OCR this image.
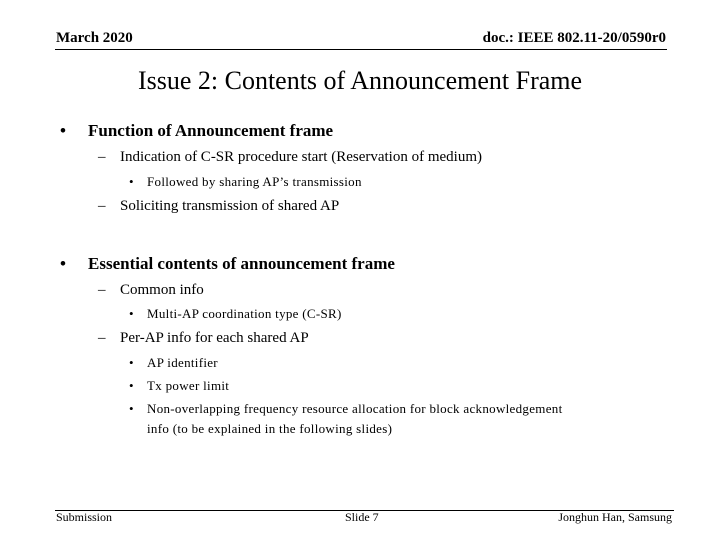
March 2020	doc.: IEEE 802.11-20/0590r0
Issue 2: Contents of Announcement Frame
• Function of Announcement frame
– Indication of C-SR procedure start (Reservation of medium)
• Followed by sharing AP’s transmission
– Soliciting transmission of shared AP
• Essential contents of announcement frame
– Common info
• Multi-AP coordination type (C-SR)
– Per-AP info for each shared AP
• AP identifier
• Tx power limit
• Non-overlapping frequency resource allocation for block acknowledgement
info (to be explained in the following slides)
Submission	Slide 7	Jonghun Han, Samsung
